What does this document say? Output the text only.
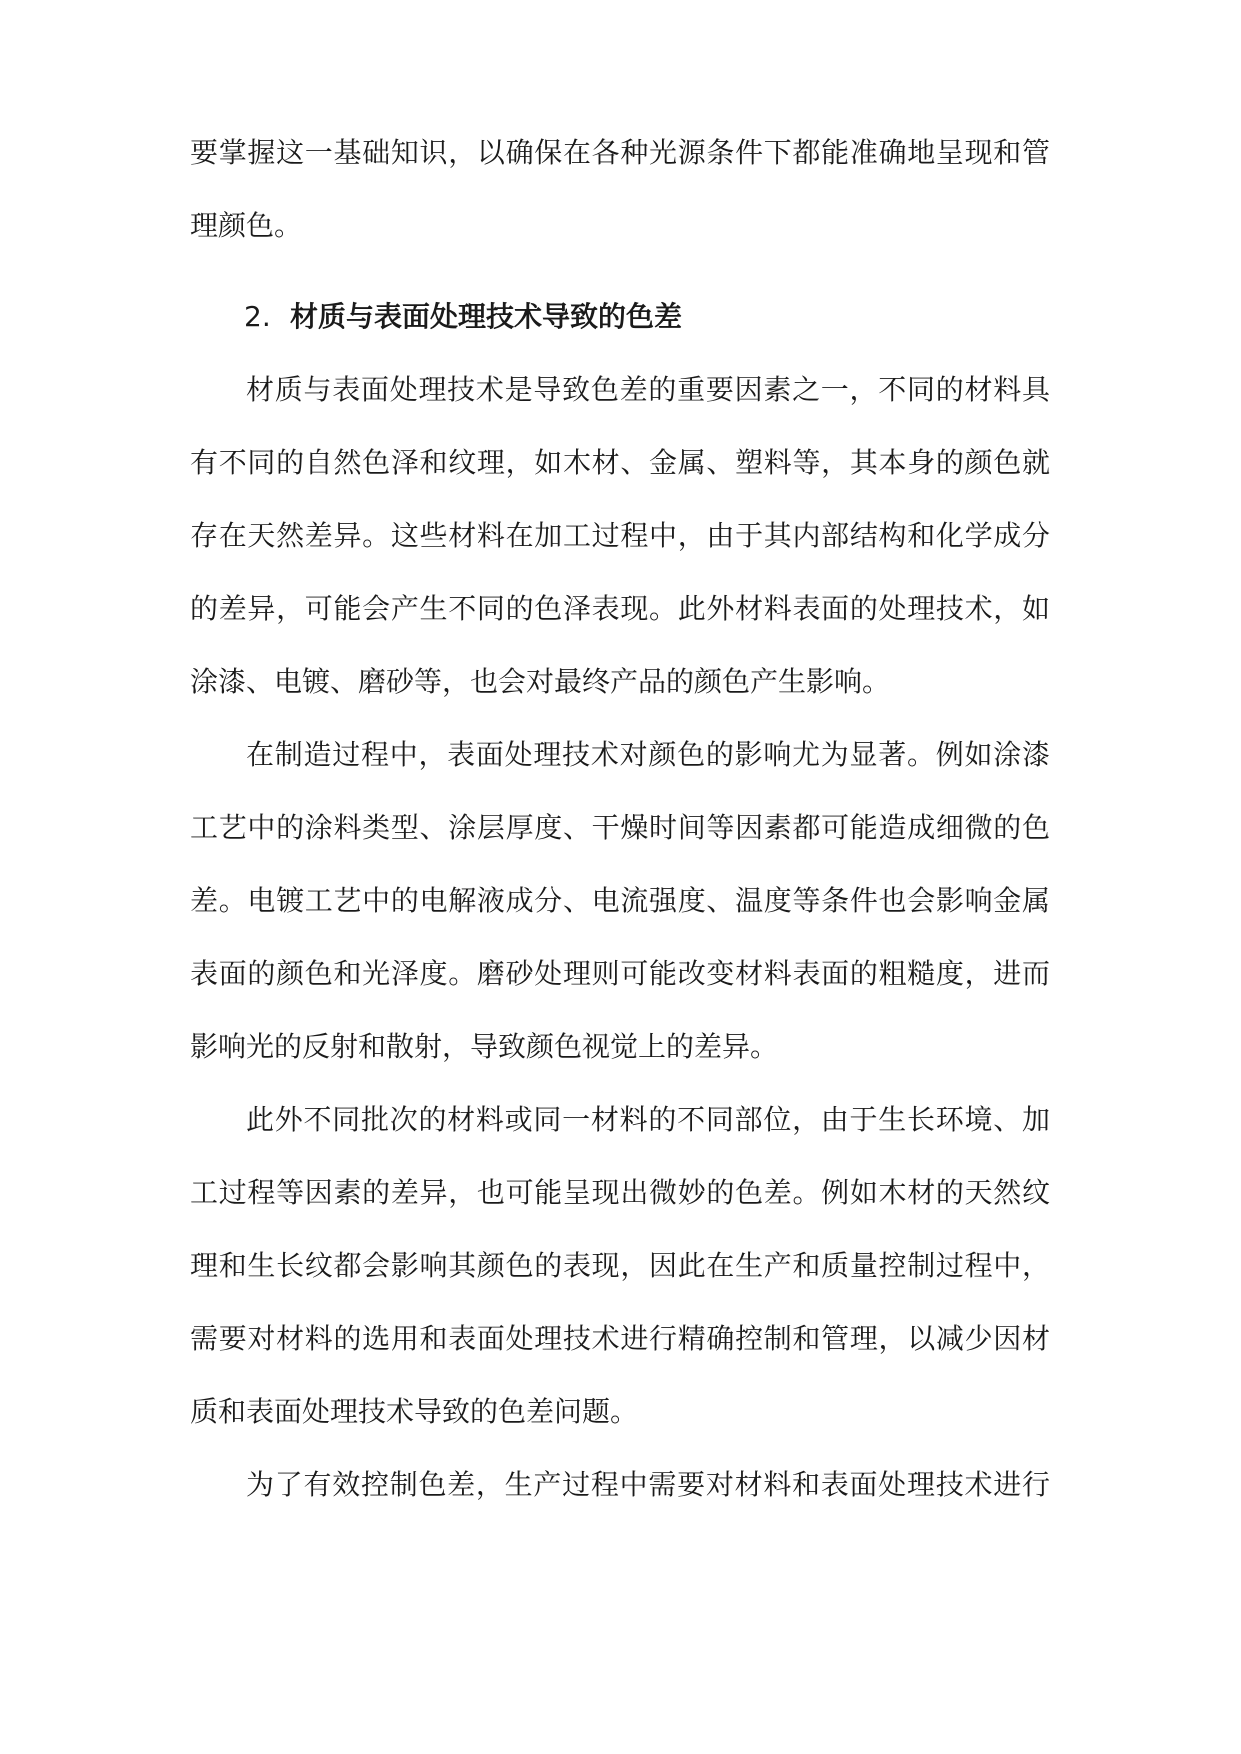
要掌握这一基础知识，以确保在各种光源条件下都能准确地呈现和管
理颜色。
2. 材质与表面处理技术导致的色差
材质与表面处理技术是导致色差的重要因素之一，不同的材料具
有不同的自然色泽和纹理，如木材、金属、塑料等，其本身的颜色就
存在天然差异。这些材料在加工过程中，由于其内部结构和化学成分
的差异，可能会产生不同的色泽表现。此外材料表面的处理技术，如
涂漆、电镀、磨砂等，也会对最终产品的颜色产生影响。
在制造过程中，表面处理技术对颜色的影响尤为显著。例如涂漆
工艺中的涂料类型、涂层厚度、干燥时间等因素都可能造成细微的色
差。电镀工艺中的电解液成分、电流强度、温度等条件也会影响金属
表面的颜色和光泽度。磨砂处理则可能改变材料表面的粗糙度，进而
影响光的反射和散射，导致颜色视觉上的差异。
此外不同批次的材料或同一材料的不同部位，由于生长环境、加
工过程等因素的差异，也可能呈现出微妙的色差。例如木材的天然纹
理和生长纹都会影响其颜色的表现，因此在生产和质量控制过程中，
需要对材料的选用和表面处理技术进行精确控制和管理，以减少因材
质和表面处理技术导致的色差问题。
为了有效控制色差，生产过程中需要对材料和表面处理技术进行
